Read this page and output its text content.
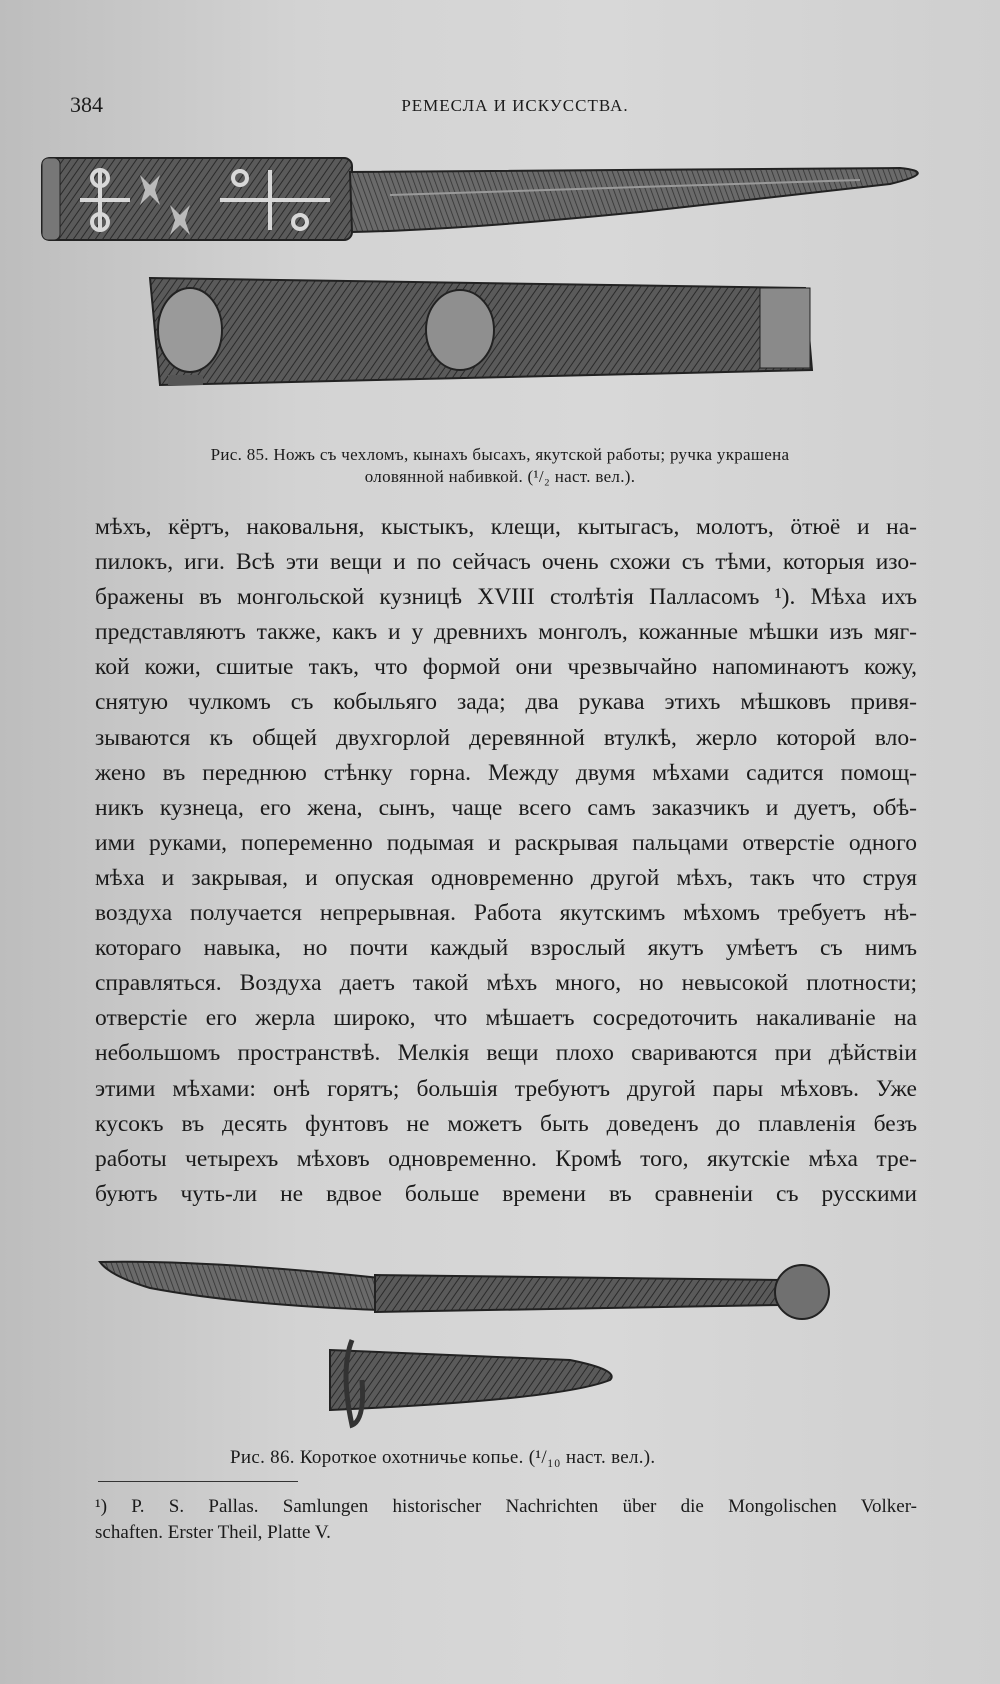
384	РЕМЕСЛА И ИСКУССТВА.
Рис. 85. Ножъ съ чехломъ, кынахъ бысахъ, якутской работы; ручка украшена
оловянной набивкой. (¹/₂ наст. вел.).
мѣхъ, кёртъ, наковальня, кыстыкъ, клещи, кытыгасъ, молотъ, ӧтюё и на-
пилокъ, иги. Всѣ эти вещи и по сейчасъ очень схожи съ тѣми, которыя изо-
бражены въ монгольской кузницѣ XVIII столѣтія Палласомъ ¹). Мѣха ихъ
представляютъ также, какъ и у древнихъ монголъ, кожанные мѣшки изъ мяг-
кой кожи, сшитые такъ, что формой они чрезвычайно напоминаютъ кожу,
снятую чулкомъ съ кобыльяго зада; два рукава этихъ мѣшковъ привя-
зываются къ общей двухгорлой деревянной втулкѣ, жерло которой вло-
жено въ переднюю стѣнку горна. Между двумя мѣхами садится помощ-
никъ кузнеца, его жена, сынъ, чаще всего самъ заказчикъ и дуетъ, обѣ-
ими руками, попеременно подымая и раскрывая пальцами отверстіе одного
мѣха и закрывая, и опуская одновременно другой мѣхъ, такъ что струя
воздуха получается непрерывная. Работа якутскимъ мѣхомъ требуетъ нѣ-
котораго навыка, но почти каждый взрослый якутъ умѣетъ съ нимъ
справляться. Воздуха даетъ такой мѣхъ много, но невысокой плотности;
отверстіе его жерла широко, что мѣшаетъ сосредоточить накаливаніе на
небольшомъ пространствѣ. Мелкія вещи плохо свариваются при дѣйствіи
этими мѣхами: онѣ горятъ; большія требуютъ другой пары мѣховъ. Уже
кусокъ въ десять фунтовъ не можетъ быть доведенъ до плавленія безъ
работы четырехъ мѣховъ одновременно. Кромѣ того, якутскіе мѣха тре-
буютъ чуть-ли не вдвое больше времени въ сравненіи съ русскими
Рис. 86. Короткое охотничье копье. (¹/₁₀ наст. вел.).
¹) P. S. Pallas. Samlungen historischer Nachrichten über die Mongolischen Volker-
schaften. Erster Theil, Platte V.
